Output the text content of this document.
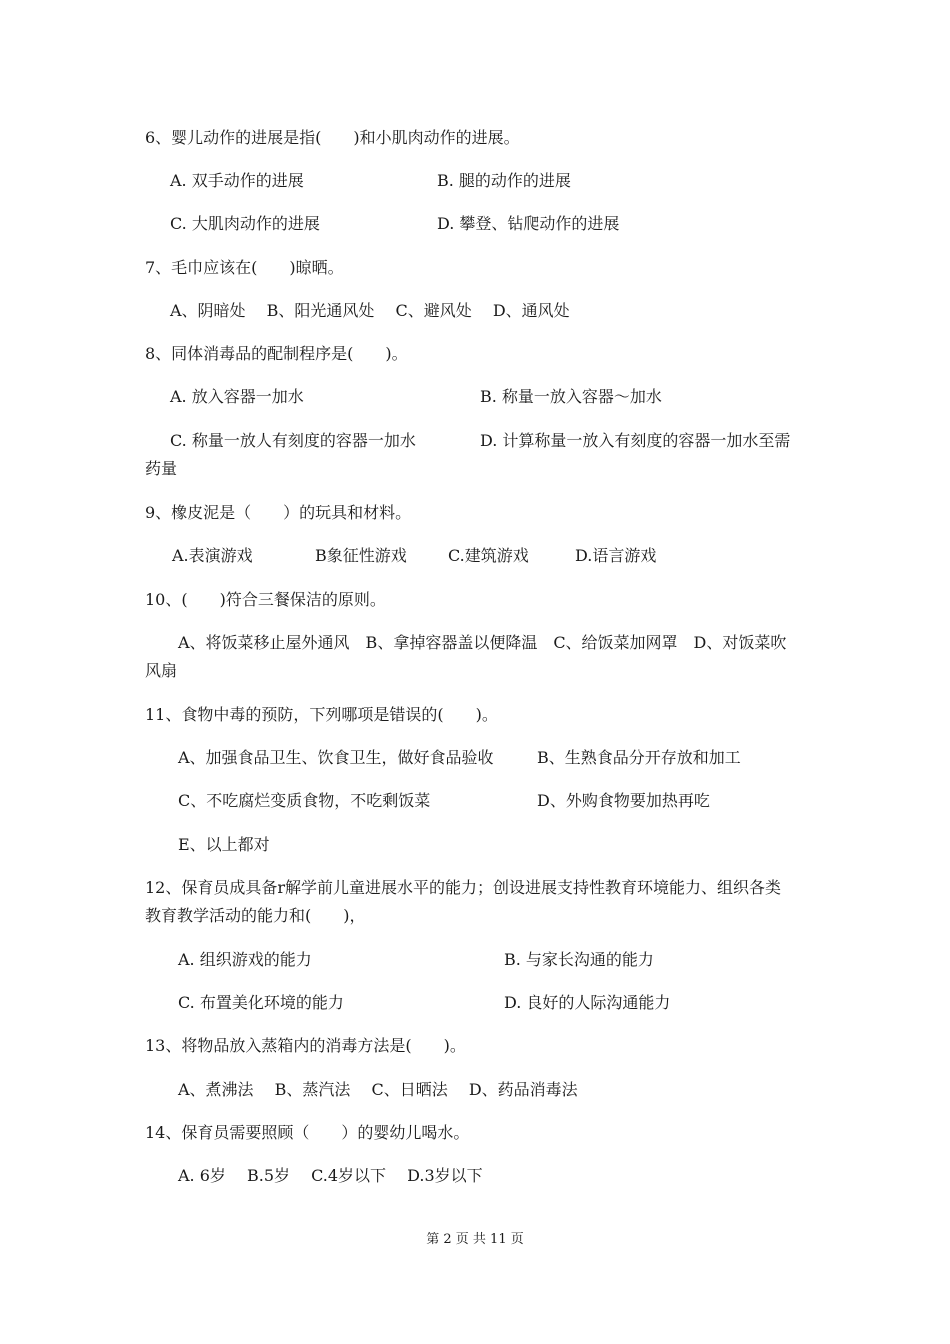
6、婴儿动作的进展是指(　　)和小肌肉动作的进展。
A. 双手动作的进展	B. 腿的动作的进展
C. 大肌肉动作的进展	D. 攀登、钻爬动作的进展
7、毛巾应该在(　　)晾晒。
A、阴暗处　 B、阳光通风处　 C、避风处　 D、通风处
8、同体消毒品的配制程序是(　　)。
A. 放入容器一加水	B. 称量一放入容器～加水
C. 称量一放人有刻度的容器一加水	D. 计算称量一放入有刻度的容器一加水至需
药量
9、橡皮泥是（　　）的玩具和材料。
A.表演游戏	B象征性游戏	C.建筑游戏	D.语言游戏
10、(　　)符合三餐保洁的原则。
A、将饭菜移止屋外通风　B、拿掉容器盖以便降温　C、给饭菜加网罩　D、对饭菜吹
风扇
11、食物中毒的预防，下列哪项是错误的(　　)。
A、加强食品卫生、饮食卫生，做好食品验收	B、生熟食品分开存放和加工
C、不吃腐烂变质食物，不吃剩饭菜	D、外购食物要加热再吃
E、以上都对
12、保育员成具备r解学前儿童进展水平的能力；创设进展支持性教育环境能力、组织各类
教育教学活动的能力和(　　)，
A. 组织游戏的能力	B. 与家长沟通的能力
C. 布置美化环境的能力	D. 良好的人际沟通能力
13、将物品放入蒸箱内的消毒方法是(　　)。
A、煮沸法　 B、蒸汽法　 C、日晒法　 D、药品消毒法
14、保育员需要照顾（　　）的婴幼儿喝水。
A. 6岁　 B.5岁　 C.4岁以下　 D.3岁以下
第 2 页 共 11 页
